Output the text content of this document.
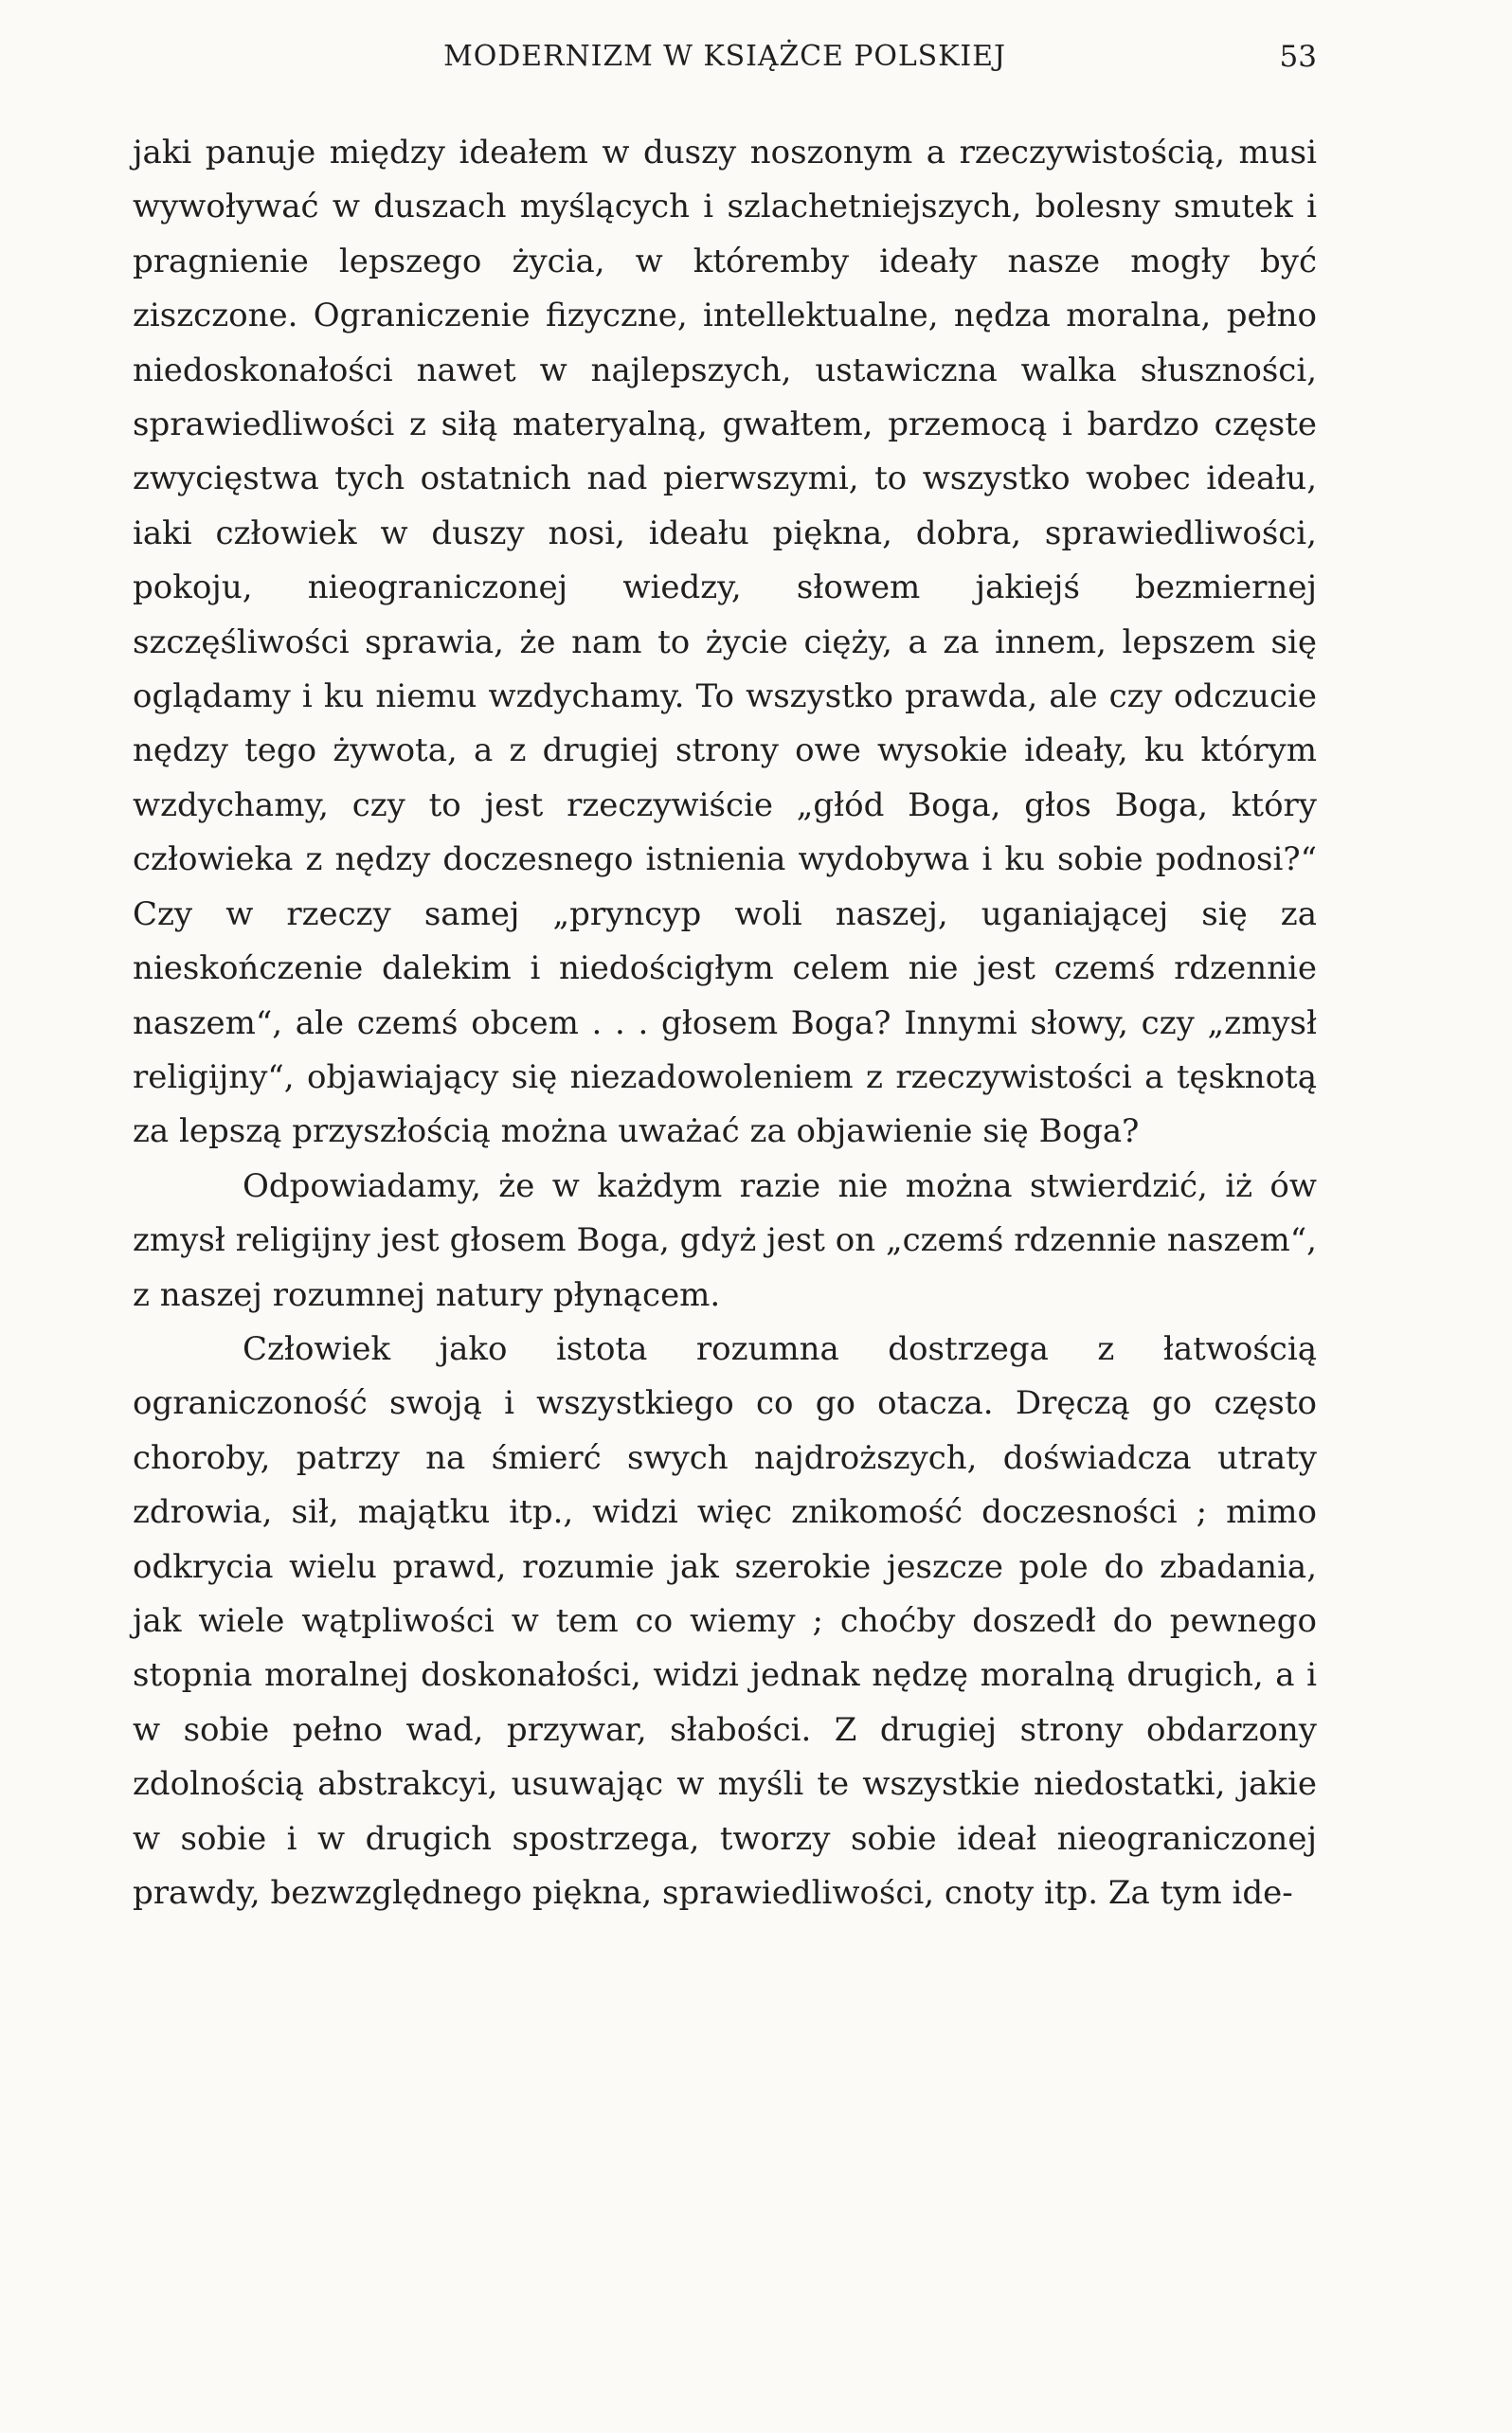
MODERNIZM W KSIĄŻCE POLSKIEJ	53

jaki panuje między ideałem w duszy noszonym a rzeczywistością, musi wywoływać w duszach myślących i szlachetniejszych, bolesny smutek i pragnienie lepszego życia, w któremby ideały nasze mogły być ziszczone. Ograniczenie fizyczne, intellektualne, nędza moralna, pełno niedoskonałości nawet w najlepszych, ustawiczna walka słuszności, sprawiedliwości z siłą materyalną, gwałtem, przemocą i bardzo częste zwycięstwa tych ostatnich nad pierwszymi, to wszystko wobec ideału, iaki człowiek w duszy nosi, ideału piękna, dobra, sprawiedliwości, pokoju, nieograniczonej wiedzy, słowem jakiejś bezmiernej szczęśliwości sprawia, że nam to życie cięży, a za innem, lepszem się oglądamy i ku niemu wzdychamy. To wszystko prawda, ale czy odczucie nędzy tego żywota, a z drugiej strony owe wysokie ideały, ku którym wzdychamy, czy to jest rzeczywiście „głód Boga, głos Boga, który człowieka z nędzy doczesnego istnienia wydobywa i ku sobie podnosi?“ Czy w rzeczy samej „pryncyp woli naszej, uganiającej się za nieskończenie dalekim i niedościgłym celem nie jest czemś rdzennie naszem“, ale czemś obcem . . . głosem Boga? Innymi słowy, czy „zmysł religijny“, objawiający się niezadowoleniem z rzeczywistości a tęsknotą za lepszą przyszłością można uważać za objawienie się Boga?

Odpowiadamy, że w każdym razie nie można stwierdzić, iż ów zmysł religijny jest głosem Boga, gdyż jest on „czemś rdzennie naszem“, z naszej rozumnej natury płynącem.

Człowiek jako istota rozumna dostrzega z łatwością ograniczoność swoją i wszystkiego co go otacza. Dręczą go często choroby, patrzy na śmierć swych najdroższych, doświadcza utraty zdrowia, sił, majątku itp., widzi więc znikomość doczesności ; mimo odkrycia wielu prawd, rozumie jak szerokie jeszcze pole do zbadania, jak wiele wątpliwości w tem co wiemy ; choćby doszedł do pewnego stopnia moralnej doskonałości, widzi jednak nędzę moralną drugich, a i w sobie pełno wad, przywar, słabości. Z drugiej strony obdarzony zdolnością abstrakcyi, usuwając w myśli te wszystkie niedostatki, jakie w sobie i w drugich spostrzega, tworzy sobie ideał nieograniczonej prawdy, bezwzględnego piękna, sprawiedliwości, cnoty itp. Za tym ide-
